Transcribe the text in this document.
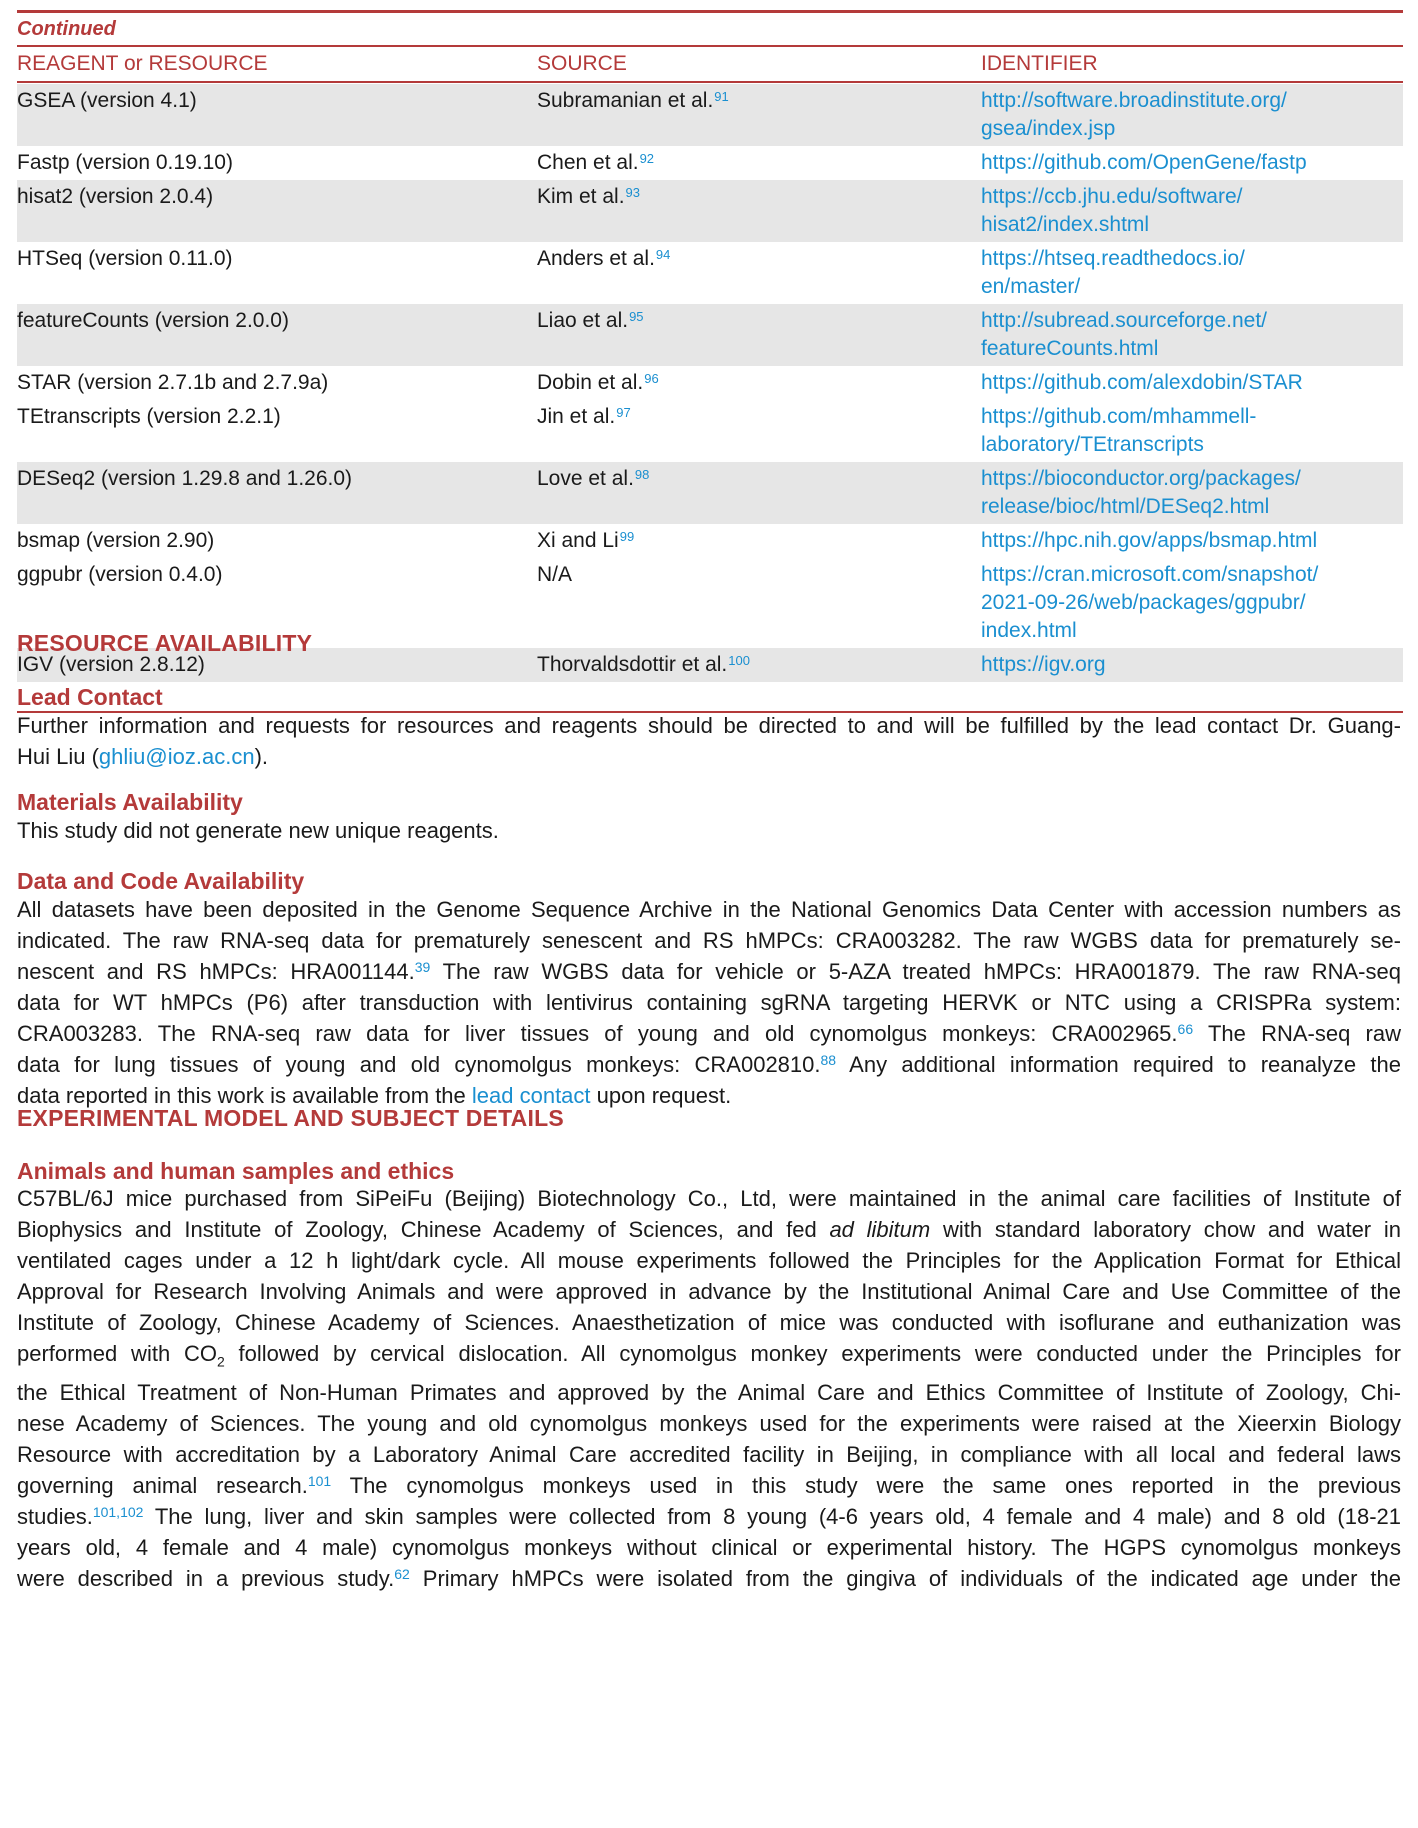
Continued
REAGENT or RESOURCE	SOURCE	IDENTIFIER
GSEA (version 4.1)	Subramanian et al.$^{91}$	http://software.broadinstitute.org/
gsea/index.jsp
Fastp (version 0.19.10)	Chen et al.$^{92}$	https://github.com/OpenGene/fastp
hisat2 (version 2.0.4)	Kim et al.$^{93}$	https://ccb.jhu.edu/software/
hisat2/index.shtml
HTSeq (version 0.11.0)	Anders et al.$^{94}$	https://htseq.readthedocs.io/
en/master/
featureCounts (version 2.0.0)	Liao et al.$^{95}$	http://subread.sourceforge.net/
featureCounts.html
STAR (version 2.7.1b and 2.7.9a)	Dobin et al.$^{96}$	https://github.com/alexdobin/STAR
TEtranscripts (version 2.2.1)	Jin et al.$^{97}$	https://github.com/mhammell-
laboratory/TEtranscripts
DESeq2 (version 1.29.8 and 1.26.0)	Love et al.$^{98}$	https://bioconductor.org/packages/
release/bioc/html/DESeq2.html
bsmap (version 2.90)	Xi and Li$^{99}$	https://hpc.nih.gov/apps/bsmap.html
ggpubr (version 0.4.0)	N/A	https://cran.microsoft.com/snapshot/
2021-09-26/web/packages/ggpubr/
index.html
IGV (version 2.8.12)	Thorvaldsdottir et al.$^{100}$	https://igv.org
RESOURCE AVAILABILITY
Lead Contact
Further information and requests for resources and reagents should be directed to and will be fulfilled by the lead contact Dr. Guang-
Hui Liu (ghliu@ioz.ac.cn).
Materials Availability
This study did not generate new unique reagents.
Data and Code Availability
All datasets have been deposited in the Genome Sequence Archive in the National Genomics Data Center with accession numbers as
indicated. The raw RNA-seq data for prematurely senescent and RS hMPCs: CRA003282. The raw WGBS data for prematurely se-
nescent and RS hMPCs: HRA001144.39 The raw WGBS data for vehicle or 5-AZA treated hMPCs: HRA001879. The raw RNA-seq
data for WT hMPCs (P6) after transduction with lentivirus containing sgRNA targeting HERVK or NTC using a CRISPRa system:
CRA003283. The RNA-seq raw data for liver tissues of young and old cynomolgus monkeys: CRA002965.66 The RNA-seq raw
data for lung tissues of young and old cynomolgus monkeys: CRA002810.88 Any additional information required to reanalyze the
data reported in this work is available from the lead contact upon request.
EXPERIMENTAL MODEL AND SUBJECT DETAILS
Animals and human samples and ethics
C57BL/6J mice purchased from SiPeiFu (Beijing) Biotechnology Co., Ltd, were maintained in the animal care facilities of Institute of
Biophysics and Institute of Zoology, Chinese Academy of Sciences, and fed ad libitum with standard laboratory chow and water in
ventilated cages under a 12 h light/dark cycle. All mouse experiments followed the Principles for the Application Format for Ethical
Approval for Research Involving Animals and were approved in advance by the Institutional Animal Care and Use Committee of the
Institute of Zoology, Chinese Academy of Sciences. Anaesthetization of mice was conducted with isoflurane and euthanization was
performed with $CO_2$ followed by cervical dislocation. All cynomolgus monkey experiments were conducted under the Principles for
the Ethical Treatment of Non-Human Primates and approved by the Animal Care and Ethics Committee of Institute of Zoology, Chi-
nese Academy of Sciences. The young and old cynomolgus monkeys used for the experiments were raised at the Xieerxin Biology
Resource with accreditation by a Laboratory Animal Care accredited facility in Beijing, in compliance with all local and federal laws
governing animal research.$^{101}$ The cynomolgus monkeys used in this study were the same ones reported in the previous
studies.$^{101,102}$ The lung, liver and skin samples were collected from 8 young (4-6 years old, 4 female and 4 male) and 8 old (18-21
years old, 4 female and 4 male) cynomolgus monkeys without clinical or experimental history. The HGPS cynomolgus monkeys
were described in a previous study.$^{62}$ Primary hMPCs were isolated from the gingiva of individuals of the indicated age under the
